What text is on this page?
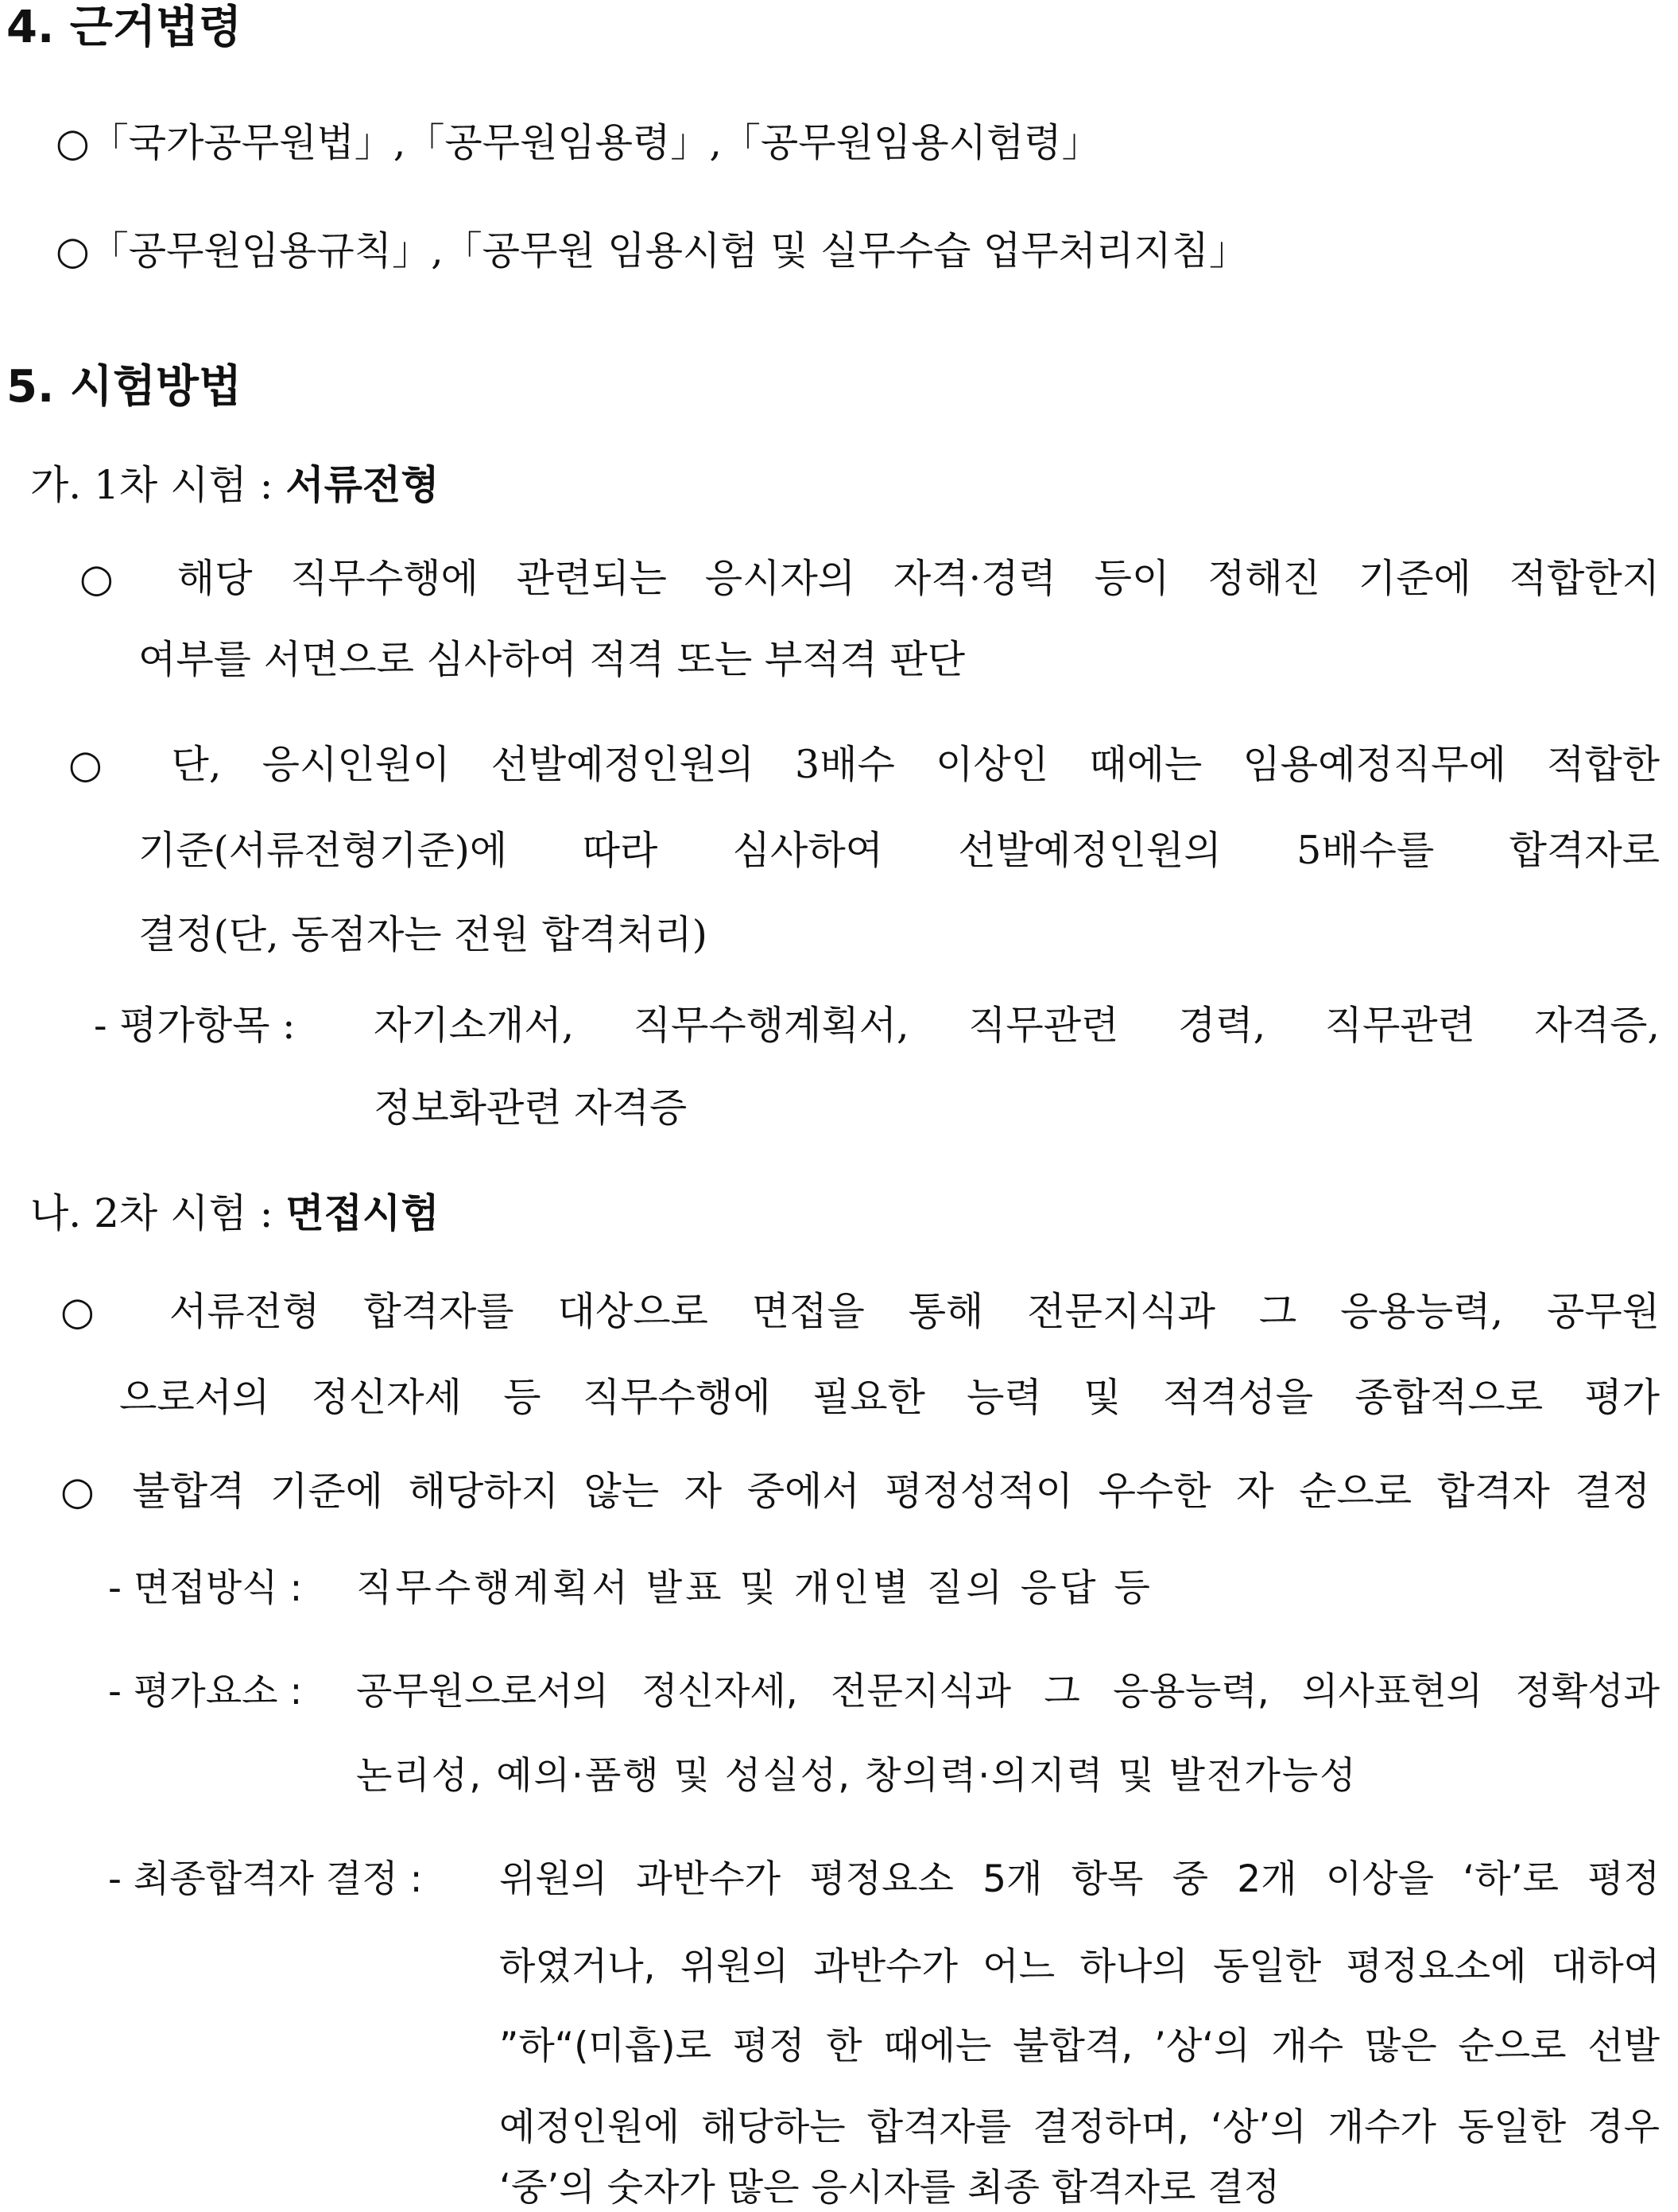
4. 근거법령
○「국가공무원법」,「공무원임용령」,「공무원임용시험령」
○「공무원임용규칙」,「공무원 임용시험 및 실무수습 업무처리지침」
5. 시험방법
가. 1차 시험 : 서류전형
○ 해당 직무수행에 관련되는 응시자의 자격·경력 등이 정해진 기준에 적합한지
여부를 서면으로 심사하여 적격 또는 부적격 판단
○ 단, 응시인원이 선발예정인원의 3배수 이상인 때에는 임용예정직무에 적합한
기준(서류전형기준)에 따라 심사하여 선발예정인원의 5배수를 합격자로
결정(단, 동점자는 전원 합격처리)
- 평가항목 : 자기소개서, 직무수행계획서, 직무관련 경력, 직무관련 자격증,
정보화관련 자격증
나. 2차 시험 : 면접시험
○ 서류전형 합격자를 대상으로 면접을 통해 전문지식과 그 응용능력, 공무원
으로서의 정신자세 등 직무수행에 필요한 능력 및 적격성을 종합적으로 평가
○ 불합격 기준에 해당하지 않는 자 중에서 평정성적이 우수한 자 순으로 합격자 결정
- 면접방식 : 직무수행계획서 발표 및 개인별 질의 응답 등
- 평가요소 : 공무원으로서의 정신자세, 전문지식과 그 응용능력, 의사표현의 정확성과
논리성, 예의·품행 및 성실성, 창의력·의지력 및 발전가능성
- 최종합격자 결정 : 위원의 과반수가 평정요소 5개 항목 중 2개 이상을 ‘하’로 평정
하였거나, 위원의 과반수가 어느 하나의 동일한 평정요소에 대하여
”하“(미흡)로 평정 한 때에는 불합격, ’상‘의 개수 많은 순으로 선발
예정인원에 해당하는 합격자를 결정하며, ‘상’의 개수가 동일한 경우
‘중’의 숫자가 많은 응시자를 최종 합격자로 결정
